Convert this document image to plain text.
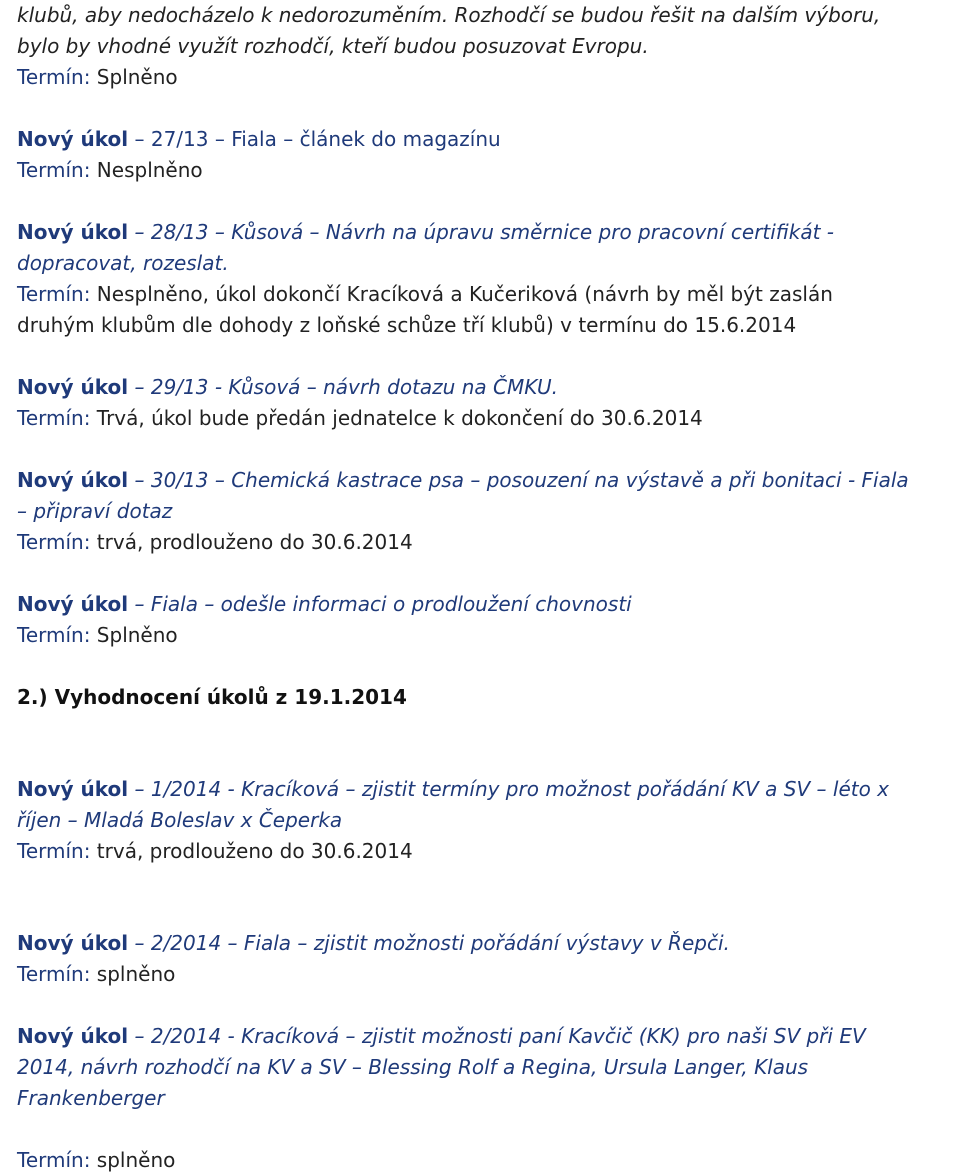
klubů, aby nedocházelo k nedorozuměním. Rozhodčí se budou řešit na dalším výboru,
bylo by vhodné využít rozhodčí, kteří budou posuzovat Evropu.
Termín: Splněno
Nový úkol – 27/13 – Fiala – článek do magazínu
Termín: Nesplněno
Nový úkol – 28/13 – Kůsová – Návrh na úpravu směrnice pro pracovní certifikát -
dopracovat, rozeslat.
Termín: Nesplněno, úkol dokončí Kracíková a Kučeriková (návrh by měl být zaslán
druhým klubům dle dohody z loňské schůze tří klubů) v termínu do 15.6.2014
Nový úkol – 29/13 - Kůsová – návrh dotazu na ČMKU.
Termín: Trvá, úkol bude předán jednatelce k dokončení do 30.6.2014
Nový úkol – 30/13 – Chemická kastrace psa – posouzení na výstavě a při bonitaci - Fiala
– připraví dotaz
Termín: trvá, prodlouženo do 30.6.2014
Nový úkol – Fiala – odešle informaci o prodloužení chovnosti
Termín: Splněno
2.) Vyhodnocení úkolů z 19.1.2014
Nový úkol – 1/2014 - Kracíková – zjistit termíny pro možnost pořádání KV a SV – léto x
říjen – Mladá Boleslav x Čeperka
Termín: trvá, prodlouženo do 30.6.2014
Nový úkol – 2/2014 – Fiala – zjistit možnosti pořádání výstavy v Řepči.
Termín: splněno
Nový úkol – 2/2014 - Kracíková – zjistit možnosti paní Kavčič (KK) pro naši SV při EV
2014, návrh rozhodčí na KV a SV – Blessing Rolf a Regina, Ursula Langer, Klaus
Frankenberger
Termín: splněno
